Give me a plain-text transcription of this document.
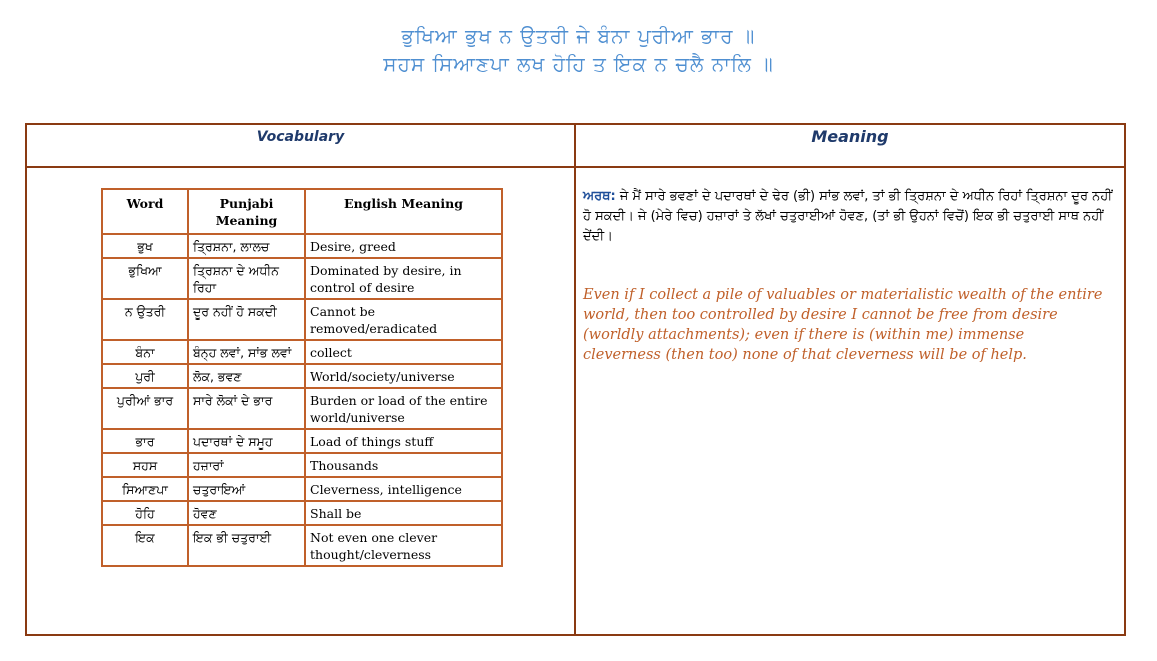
ਭੁਖਿਆ ਭੁਖ ਨ ਉਤਰੀ ਜੇ ਬੰਨਾ ਪੁਰੀਆ ਭਾਰ ॥
ਸਹਸ ਸਿਆਣਪਾ ਲਖ ਹੋਹਿ ਤ ਇਕ ਨ ਚਲੈ ਨਾਲਿ ॥
Vocabulary	Meaning
Word	Punjabi Meaning	English Meaning
ਭੁਖ	ਤ੍ਰਿਸ਼ਨਾ, ਲਾਲਚ	Desire, greed
ਭੁਖਿਆ	ਤ੍ਰਿਸ਼ਨਾ ਦੇ ਅਧੀਨ ਰਿਹਾ	Dominated by desire, in control of desire
ਨ ਉਤਰੀ	ਦੂਰ ਨਹੀਂ ਹੋ ਸਕਦੀ	Cannot be removed/eradicated
ਬੰਨਾ	ਬੰਨ੍ਹ ਲਵਾਂ, ਸਾਂਭ ਲਵਾਂ	collect
ਪੁਰੀ	ਲੋਕ, ਭਵਣ	World/society/universe
ਪੁਰੀਆਂ ਭਾਰ	ਸਾਰੇ ਲੋਕਾਂ ਦੇ ਭਾਰ	Burden or load of the entire world/universe
ਭਾਰ	ਪਦਾਰਥਾਂ ਦੇ ਸਮੂਹ	Load of things stuff
ਸਹਸ	ਹਜ਼ਾਰਾਂ	Thousands
ਸਿਆਣਪਾ	ਚਤੁਰਾਇਆਂ	Cleverness, intelligence
ਹੋਹਿ	ਹੋਵਣ	Shall be
ਇਕ	ਇਕ ਭੀ ਚਤੁਰਾਈ	Not even one clever thought/cleverness
ਅਰਥ: ਜੇ ਮੈਂ ਸਾਰੇ ਭਵਣਾਂ ਦੇ ਪਦਾਰਥਾਂ ਦੇ ਢੇਰ (ਭੀ) ਸਾਂਭ ਲਵਾਂ, ਤਾਂ ਭੀ ਤ੍ਰਿਸ਼ਨਾ ਦੇ ਅਧੀਨ ਰਿਹਾਂ ਤ੍ਰਿਸ਼ਨਾ ਦੂਰ ਨਹੀਂ ਹੋ ਸਕਦੀ। ਜੇ (ਮੇਰੇ ਵਿਚ) ਹਜ਼ਾਰਾਂ ਤੇ ਲੱਖਾਂ ਚਤੁਰਾਈਆਂ ਹੋਵਣ, (ਤਾਂ ਭੀ ਉਹਨਾਂ ਵਿਚੋਂ) ਇਕ ਭੀ ਚਤੁਰਾਈ ਸਾਥ ਨਹੀਂ ਦੇਂਦੀ।
Even if I collect a pile of valuables or materialistic wealth of the entire world, then too controlled by desire I cannot be free from desire (worldly attachments); even if there is (within me) immense cleverness (then too) none of that cleverness will be of help.
